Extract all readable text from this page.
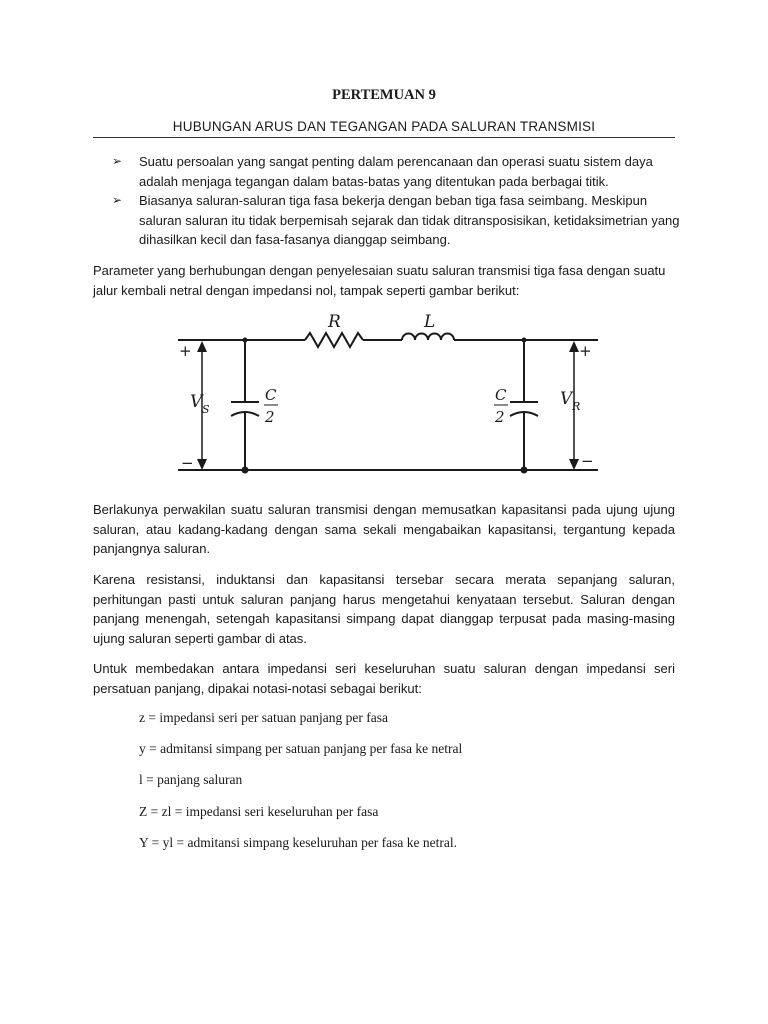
PERTEMUAN 9
HUBUNGAN ARUS DAN TEGANGAN PADA SALURAN TRANSMISI
➢ Suatu persoalan yang sangat penting dalam perencanaan dan operasi suatu sistem daya adalah menjaga tegangan dalam batas-batas yang ditentukan pada berbagai titik.
➢ Biasanya saluran-saluran tiga fasa bekerja dengan beban tiga fasa seimbang. Meskipun saluran saluran itu tidak berpemisah sejarak dan tidak ditransposisikan, ketidaksimetrian yang dihasilkan kecil dan fasa-fasanya dianggap seimbang.
Parameter yang berhubungan dengan penyelesaian suatu saluran transmisi tiga fasa dengan suatu jalur kembali netral dengan impedansi nol, tampak seperti gambar berikut:
R	L
C
2
C
2
V S
V R
+
−
+
−
Berlakunya perwakilan suatu saluran transmisi dengan memusatkan kapasitansi pada ujung ujung saluran, atau kadang-kadang dengan sama sekali mengabaikan kapasitansi, tergantung kepada panjangnya saluran.
Karena resistansi, induktansi dan kapasitansi tersebar secara merata sepanjang saluran, perhitungan pasti untuk saluran panjang harus mengetahui kenyataan tersebut. Saluran dengan panjang menengah, setengah kapasitansi simpang dapat dianggap terpusat pada masing-masing ujung saluran seperti gambar di atas.
Untuk membedakan antara impedansi seri keseluruhan suatu saluran dengan impedansi seri persatuan panjang, dipakai notasi-notasi sebagai berikut:
z = impedansi seri per satuan panjang per fasa
y = admitansi simpang per satuan panjang per fasa ke netral
l = panjang saluran
Z = zl = impedansi seri keseluruhan per fasa
Y = yl = admitansi simpang keseluruhan per fasa ke netral.
